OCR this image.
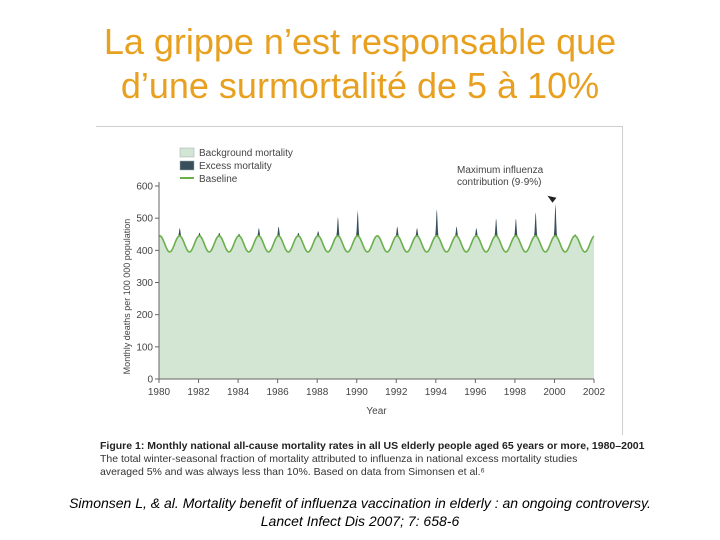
La grippe n’est responsable que
d’une surmortalité de 5 à 10%
Background mortality
Excess mortality
Baseline
0
100
200
300
400
500
600
1980 1982 1984 1986 1988 1990 1992 1994 1996 1998 2000 2002
Year
Monthly deaths per 100 000 population
Maximum influenza
contribution (9·9%)
Figure 1: Monthly national all-cause mortality rates in all US elderly people aged 65 years or more, 1980–2001
The total winter-seasonal fraction of mortality attributed to influenza in national excess mortality studies
averaged 5% and was always less than 10%. Based on data from Simonsen et al.⁶
Simonsen L, & al. Mortality benefit of influenza vaccination in elderly : an ongoing controversy.
Lancet Infect Dis 2007; 7: 658-6
